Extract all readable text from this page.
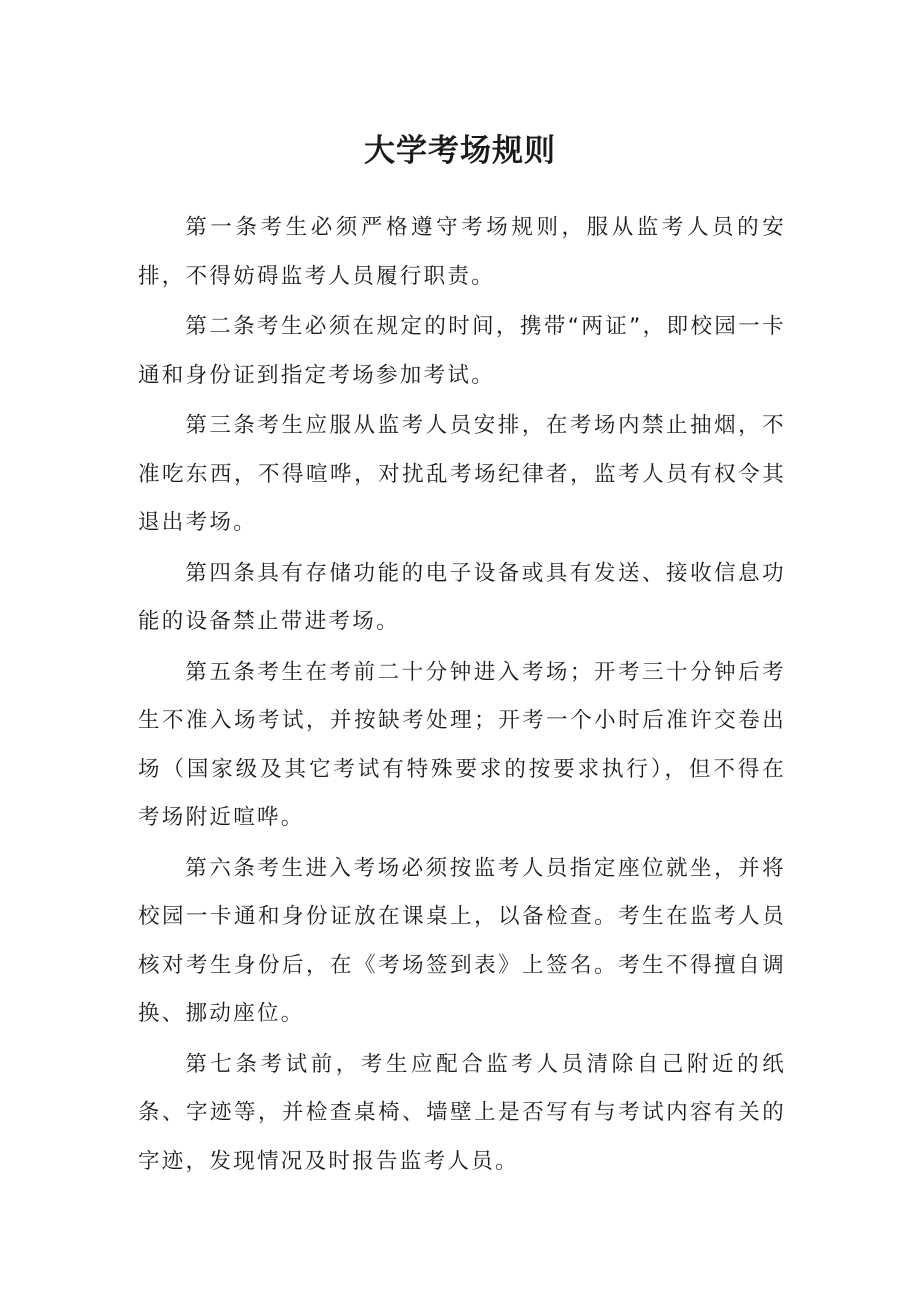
大学考场规则

第一条考生必须严格遵守考场规则，服从监考人员的安排，不得妨碍监考人员履行职责。

第二条考生必须在规定的时间，携带“两证”，即校园一卡通和身份证到指定考场参加考试。

第三条考生应服从监考人员安排，在考场内禁止抽烟，不准吃东西，不得喧哗，对扰乱考场纪律者，监考人员有权令其退出考场。

第四条具有存储功能的电子设备或具有发送、接收信息功能的设备禁止带进考场。

第五条考生在考前二十分钟进入考场；开考三十分钟后考生不准入场考试，并按缺考处理；开考一个小时后准许交卷出场（国家级及其它考试有特殊要求的按要求执行），但不得在考场附近喧哗。

第六条考生进入考场必须按监考人员指定座位就坐，并将校园一卡通和身份证放在课桌上，以备检查。考生在监考人员核对考生身份后，在《考场签到表》上签名。考生不得擅自调换、挪动座位。

第七条考试前，考生应配合监考人员清除自己附近的纸条、字迹等，并检查桌椅、墙壁上是否写有与考试内容有关的字迹，发现情况及时报告监考人员。
